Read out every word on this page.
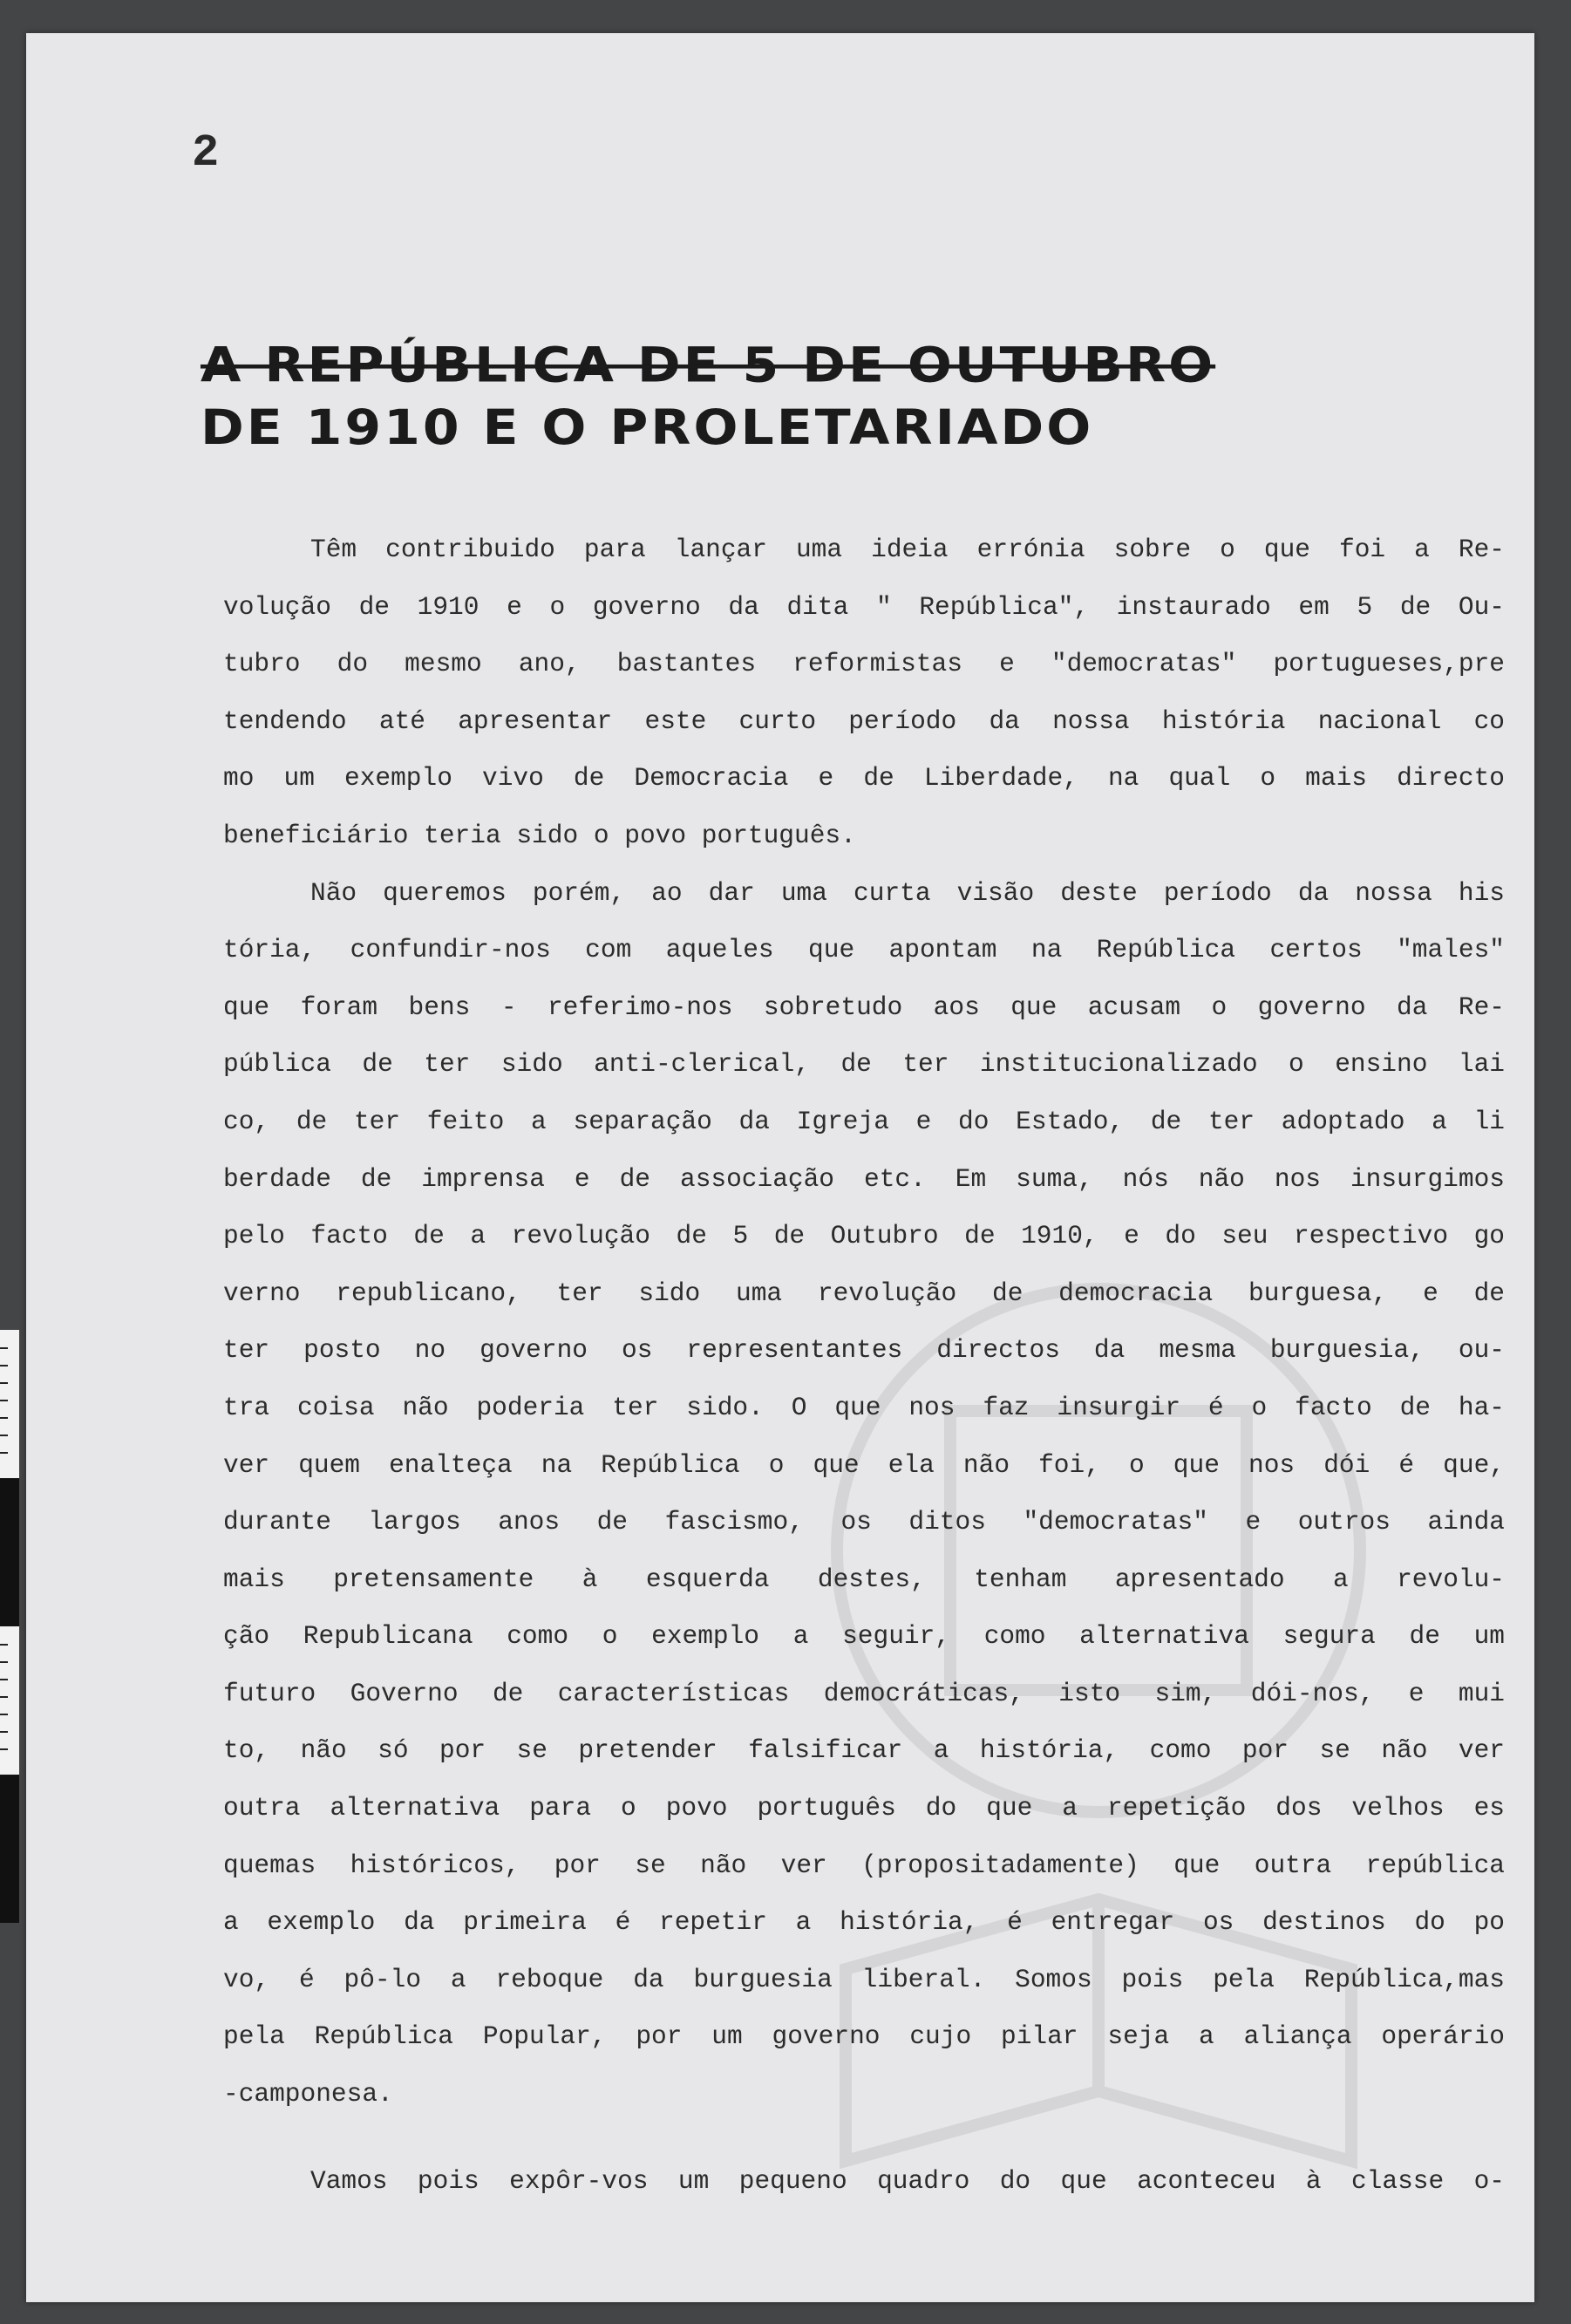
2
A REPÚBLICA DE 5 DE OUTUBRO
DE 1910 E O PROLETARIADO
Têm contribuido para lançar uma ideia errónia sobre o que foi a Re-
volução de 1910 e o governo da dita " República", instaurado em 5 de Ou-
tubro do mesmo ano, bastantes reformistas e "democratas" portugueses,pre
tendendo até apresentar este curto período da nossa história nacional co
mo um exemplo vivo de Democracia e de Liberdade, na qual o mais directo
beneficiário teria sido o povo português.
Não queremos porém, ao dar uma curta visão deste período da nossa his
tória, confundir-nos com aqueles que apontam na República certos "males"
que foram bens - referimo-nos sobretudo aos que acusam o governo da Re-
pública de ter sido anti-clerical, de ter institucionalizado o ensino lai
co, de ter feito a separação da Igreja e do Estado, de ter adoptado a li
berdade de imprensa e de associação etc. Em suma, nós não nos insurgimos
pelo facto de a revolução de 5 de Outubro de 1910, e do seu respectivo go
verno republicano, ter sido uma revolução de democracia burguesa, e de
ter posto no governo os representantes directos da mesma burguesia, ou-
tra coisa não poderia ter sido. O que nos faz insurgir é o facto de ha-
ver quem enalteça na República o que ela não foi, o que nos dói é que,
durante largos anos de fascismo, os ditos "democratas" e outros ainda
mais pretensamente à esquerda destes, tenham apresentado a revolu-
ção Republicana como o exemplo a seguir, como alternativa segura de um
futuro Governo de características democráticas, isto sim, dói-nos, e mui
to, não só por se pretender falsificar a história, como por se não ver
outra alternativa para o povo português do que a repetição dos velhos es
quemas históricos, por se não ver (propositadamente) que outra república
a exemplo da primeira é repetir a história, é entregar os destinos do po
vo, é pô-lo a reboque da burguesia liberal. Somos pois pela República,mas
pela República Popular, por um governo cujo pilar seja a aliança operário
-camponesa.
Vamos pois expôr-vos um pequeno quadro do que aconteceu à classe o-
